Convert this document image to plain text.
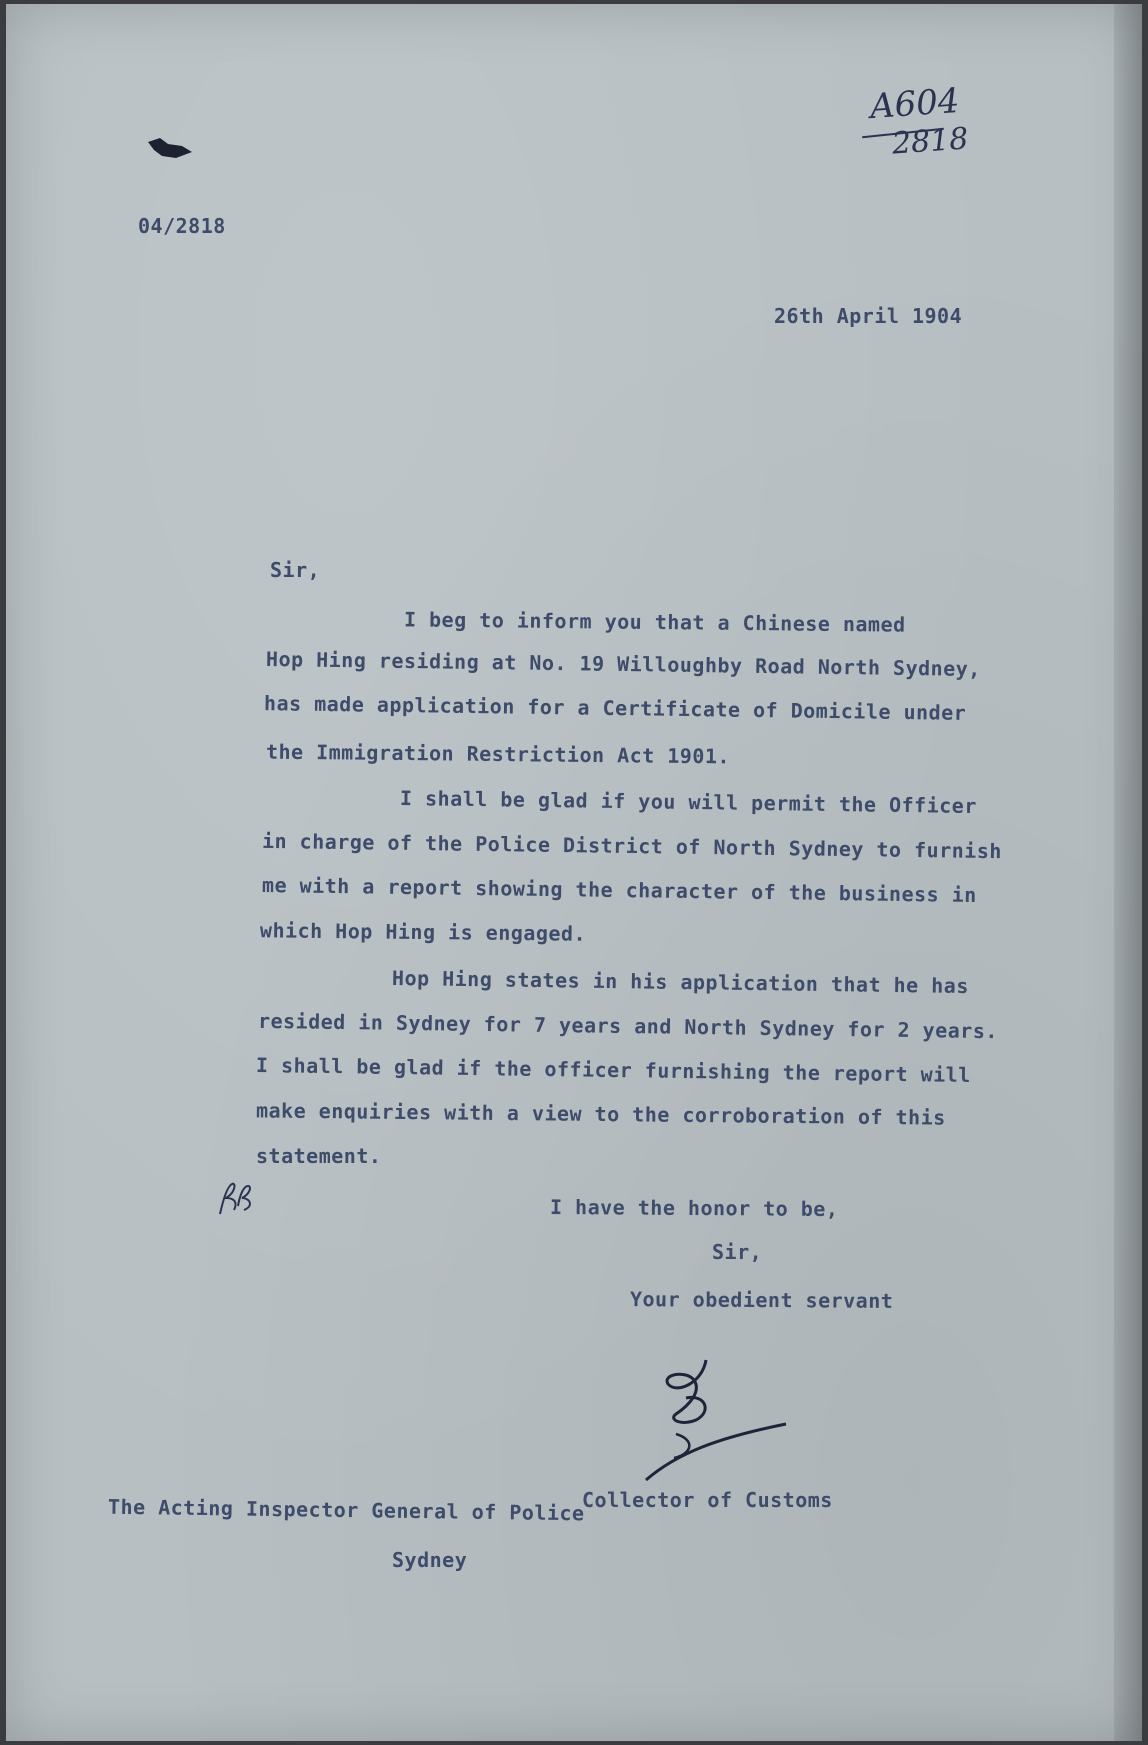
A604
2818
04/2818
26th April 1904
Sir,
I beg to inform you that a Chinese named
Hop Hing residing at No. 19 Willoughby Road North Sydney,
has made application for a Certificate of Domicile under
the Immigration Restriction Act 1901.
I shall be glad if you will permit the Officer
in charge of the Police District of North Sydney to furnish
me with a report showing the character of the business in
which Hop Hing is engaged.
Hop Hing states in his application that he has
resided in Sydney for 7 years and North Sydney for 2 years.
I shall be glad if the officer furnishing the report will
make enquiries with a view to the corroboration of this
statement.
I have the honor to be,
Sir,
Your obedient servant
Collector of Customs
The Acting Inspector General of Police
Sydney
